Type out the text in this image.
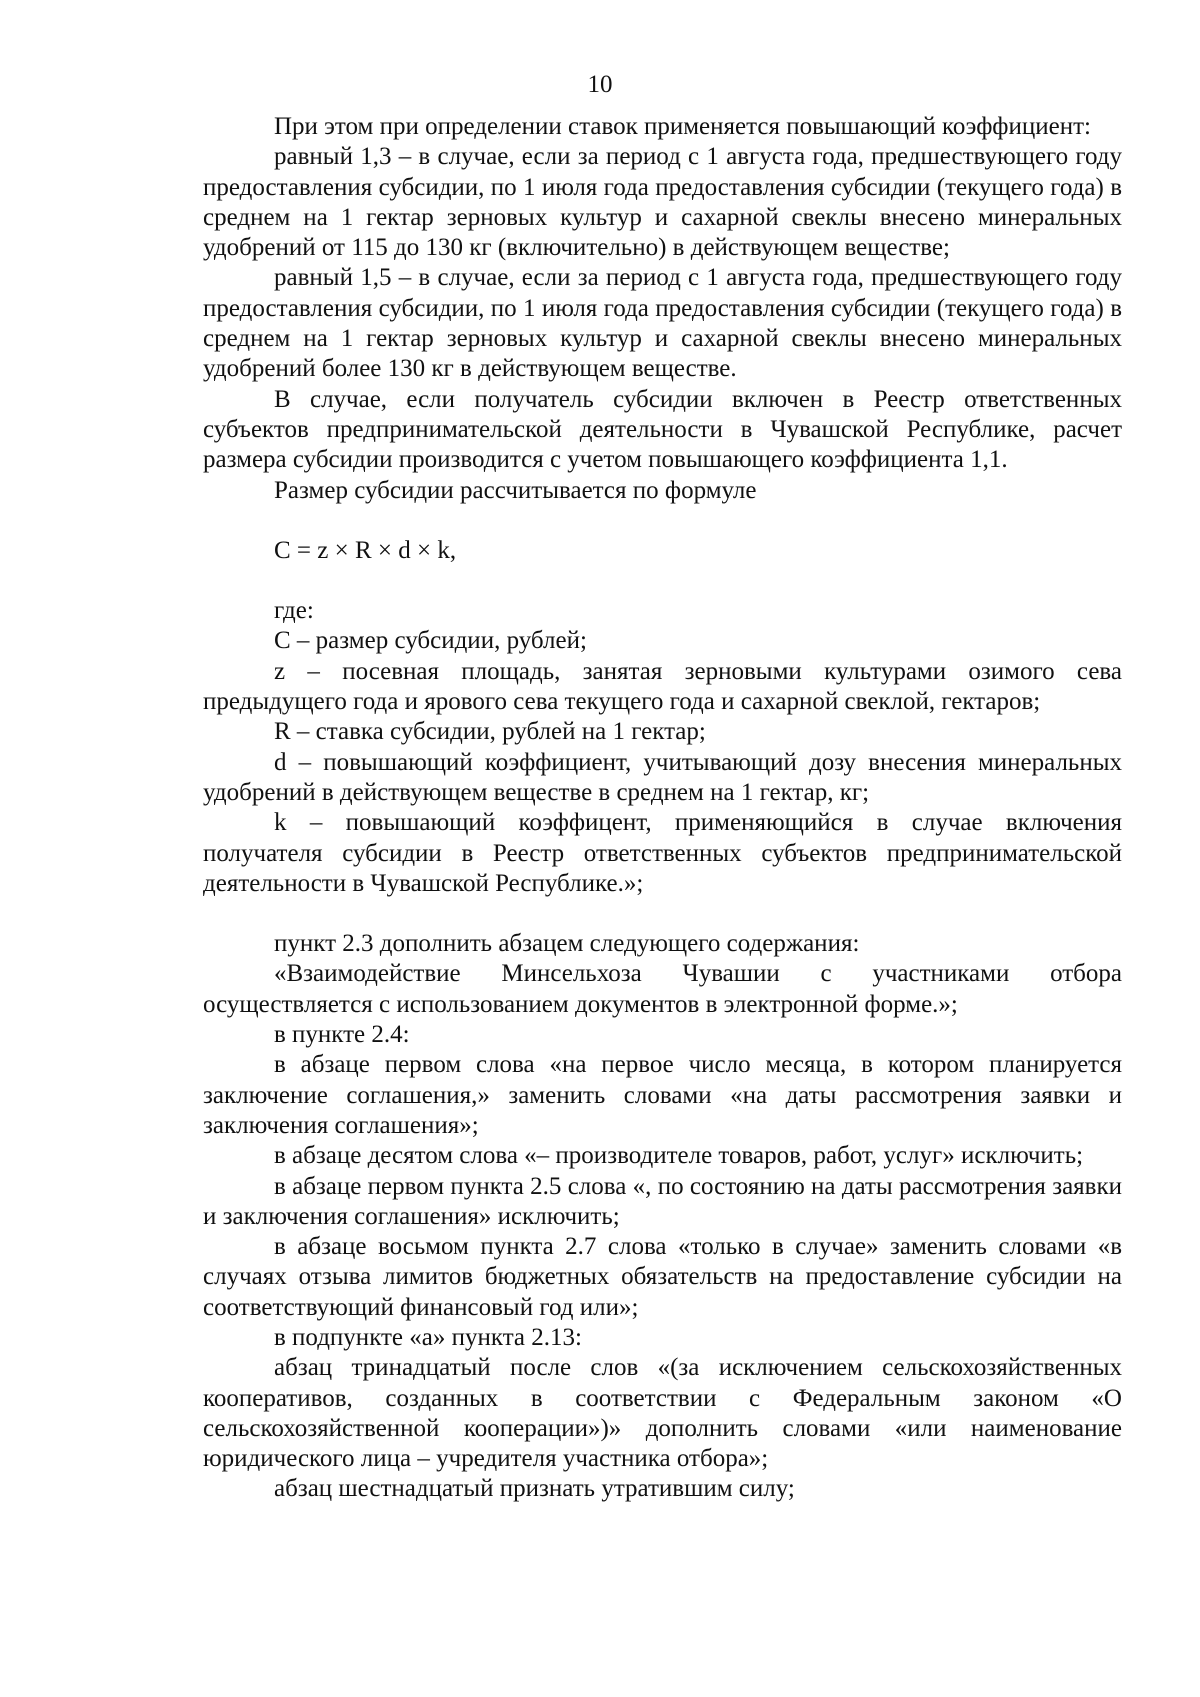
10

При этом при определении ставок применяется повышающий коэффициент:

равный 1,3 – в случае, если за период с 1 августа года, предшествующего году предоставления субсидии, по 1 июля года предоставления субсидии (текущего года) в среднем на 1 гектар зерновых культур и сахарной свеклы внесено минеральных удобрений от 115 до 130 кг (включительно) в действующем веществе;

равный 1,5 – в случае, если за период с 1 августа года, предшествующего году предоставления субсидии, по 1 июля года предоставления субсидии (текущего года) в среднем на 1 гектар зерновых культур и сахарной свеклы внесено минеральных удобрений более 130 кг в действующем веществе.

В случае, если получатель субсидии включен в Реестр ответственных субъектов предпринимательской деятельности в Чувашской Республике, расчет размера субсидии производится с учетом повышающего коэффициента 1,1.

Размер субсидии рассчитывается по формуле

C = z × R × d × k,

где:

C – размер субсидии, рублей;

z – посевная площадь, занятая зерновыми культурами озимого сева предыдущего года и ярового сева текущего года и сахарной свеклой, гектаров;

R – ставка субсидии, рублей на 1 гектар;

d – повышающий коэффициент, учитывающий дозу внесения минеральных удобрений в действующем веществе в среднем на 1 гектар, кг;

k – повышающий коэффицент, применяющийся в случае включения получателя субсидии в Реестр ответственных субъектов предпринимательской деятельности в Чувашской Республике.»;

пункт 2.3 дополнить абзацем следующего содержания:

«Взаимодействие Минсельхоза Чувашии с участниками отбора осуществляется с использованием документов в электронной форме.»;

в пункте 2.4:

в абзаце первом слова «на первое число месяца, в котором планируется заключение соглашения,» заменить словами «на даты рассмотрения заявки и заключения соглашения»;

в абзаце десятом слова «– производителе товаров, работ, услуг» исключить;

в абзаце первом пункта 2.5 слова «, по состоянию на даты рассмотрения заявки и заключения соглашения» исключить;

в абзаце восьмом пункта 2.7 слова «только в случае» заменить словами «в случаях отзыва лимитов бюджетных обязательств на предоставление субсидии на соответствующий финансовый год или»;

в подпункте «а» пункта 2.13:

абзац тринадцатый после слов «(за исключением сельскохозяйственных кооперативов, созданных в соответствии с Федеральным законом «О сельскохозяйственной кооперации»)» дополнить словами «или наименование юридического лица – учредителя участника отбора»;

абзац шестнадцатый признать утратившим силу;
